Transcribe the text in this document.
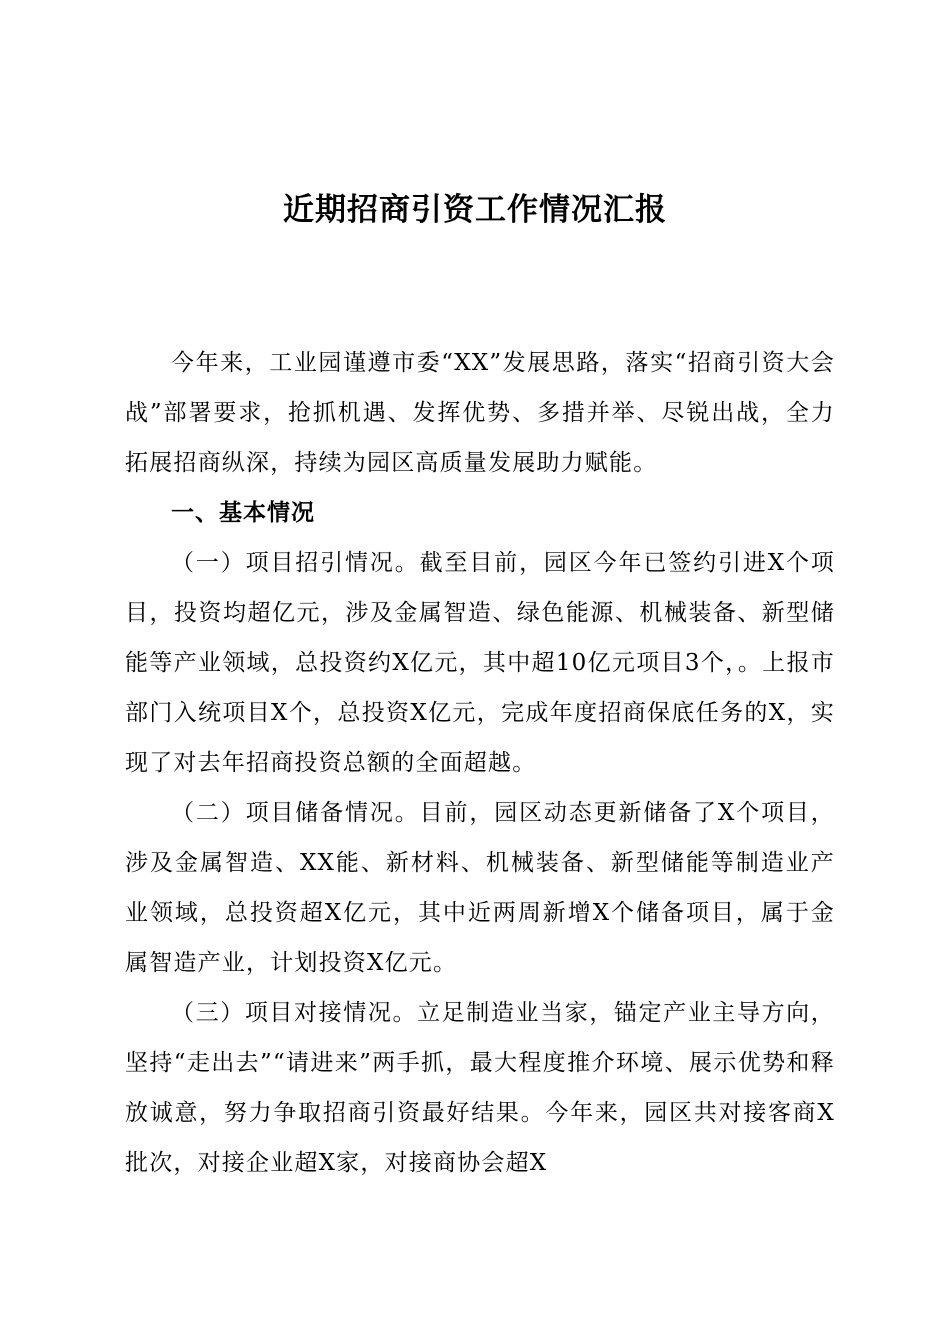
近期招商引资工作情况汇报

今年来，工业园谨遵市委“XX”发展思路，落实“招商引资大会战”部署要求，抢抓机遇、发挥优势、多措并举、尽锐出战，全力拓展招商纵深，持续为园区高质量发展助力赋能。

一、基本情况

（一）项目招引情况。截至目前，园区今年已签约引进X个项目，投资均超亿元，涉及金属智造、绿色能源、机械装备、新型储能等产业领域，总投资约X亿元，其中超10亿元项目3个，。上报市部门入统项目X个，总投资X亿元，完成年度招商保底任务的X，实现了对去年招商投资总额的全面超越。

（二）项目储备情况。目前，园区动态更新储备了X个项目，涉及金属智造、XX能、新材料、机械装备、新型储能等制造业产业领域，总投资超X亿元，其中近两周新增X个储备项目，属于金属智造产业，计划投资X亿元。

（三）项目对接情况。立足制造业当家，锚定产业主导方向，坚持“走出去”“请进来”两手抓，最大程度推介环境、展示优势和释放诚意，努力争取招商引资最好结果。今年来，园区共对接客商X批次，对接企业超X家，对接商协会超X
